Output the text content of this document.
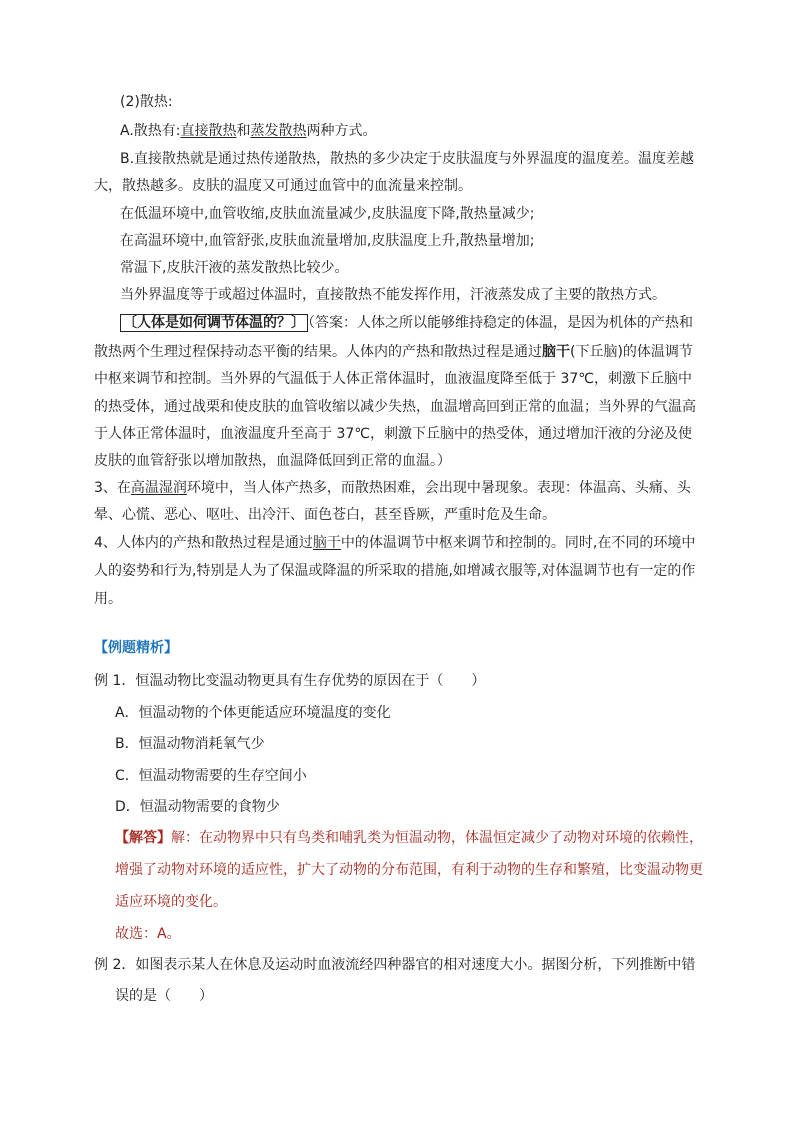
(2)散热:
A.散热有:直接散热和蒸发散热两种方式。
B.直接散热就是通过热传递散热，散热的多少决定于皮肤温度与外界温度的温度差。温度差越
大，散热越多。皮肤的温度又可通过血管中的血流量来控制。
在低温环境中,血管收缩,皮肤血流量减少,皮肤温度下降,散热量减少;
在高温环境中,血管舒张,皮肤血流量增加,皮肤温度上升,散热量增加;
常温下,皮肤汗液的蒸发散热比较少。
当外界温度等于或超过体温时，直接散热不能发挥作用，汗液蒸发成了主要的散热方式。
〔人体是如何调节体温的？〕 （答案：人体之所以能够维持稳定的体温，是因为机体的产热和
散热两个生理过程保持动态平衡的结果。人体内的产热和散热过程是通过脑干(下丘脑)的体温调节
中枢来调节和控制。当外界的气温低于人体正常体温时，血液温度降至低于 37℃，刺激下丘脑中
的热受体，通过战栗和使皮肤的血管收缩以减少失热，血温增高回到正常的血温；当外界的气温高
于人体正常体温时，血液温度升至高于 37℃，刺激下丘脑中的热受体，通过增加汗液的分泌及使
皮肤的血管舒张以增加散热，血温降低回到正常的血温。）
3、在高温湿润环境中，当人体产热多，而散热困难，会出现中暑现象。表现：体温高、头痛、头
晕、心慌、恶心、呕吐、出冷汗、面色苍白，甚至昏厥，严重时危及生命。
4、人体内的产热和散热过程是通过脑干中的体温调节中枢来调节和控制的。同时,在不同的环境中
人的姿势和行为,特别是人为了保温或降温的所采取的措施,如增减衣服等,对体温调节也有一定的作
用。
【例题精析】
例 1．恒温动物比变温动物更具有生存优势的原因在于（　　）
A．恒温动物的个体更能适应环境温度的变化
B．恒温动物消耗氧气少
C．恒温动物需要的生存空间小
D．恒温动物需要的食物少
【解答】解：在动物界中只有鸟类和哺乳类为恒温动物，体温恒定减少了动物对环境的依赖性，
增强了动物对环境的适应性，扩大了动物的分布范围，有利于动物的生存和繁殖，比变温动物更
适应环境的变化。
故选：A。
例 2．如图表示某人在休息及运动时血液流经四种器官的相对速度大小。据图分析，下列推断中错
误的是（　　）
